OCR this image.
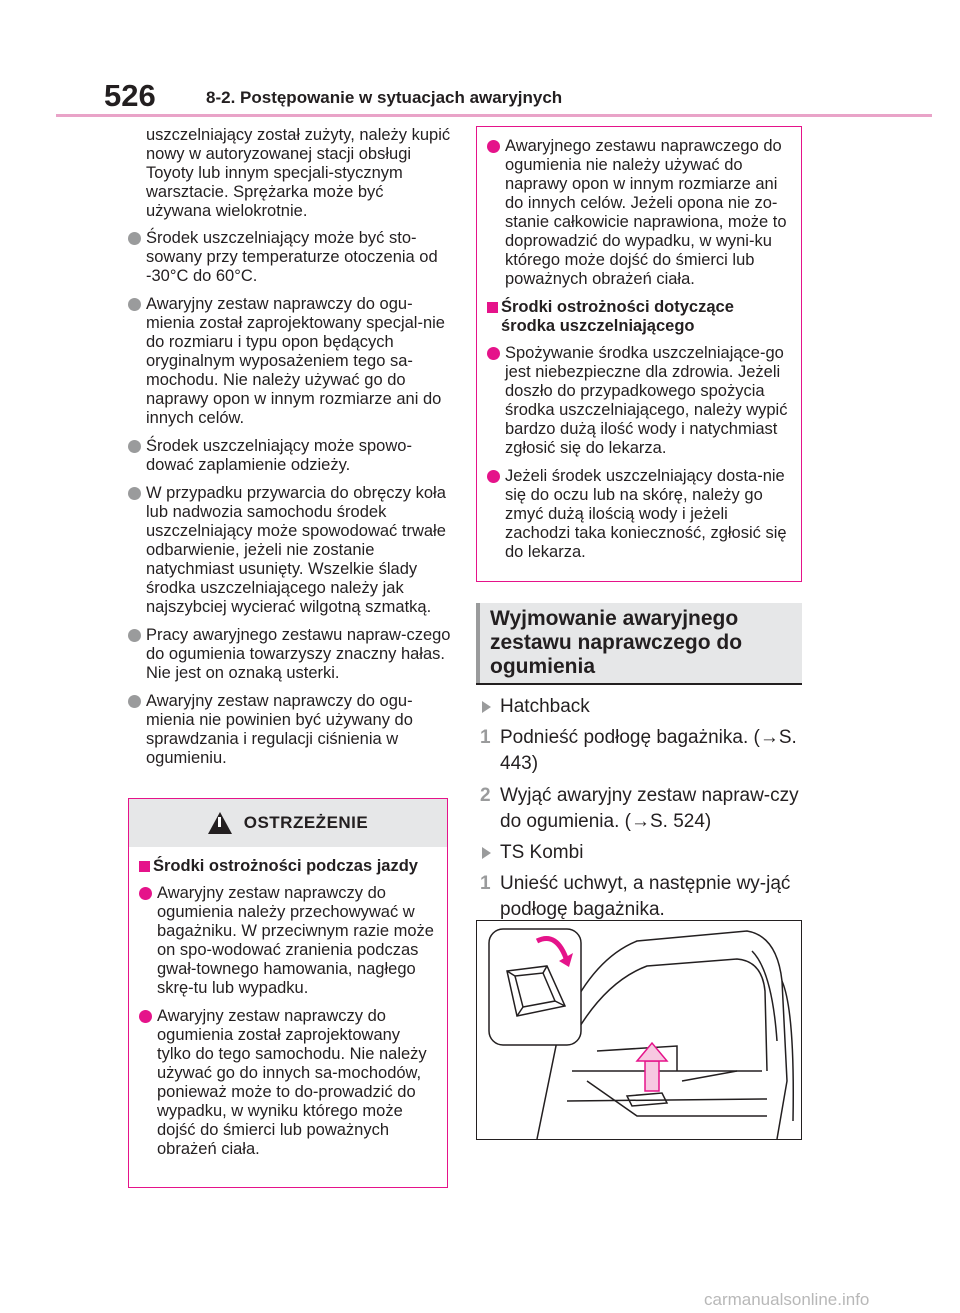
526	8-2. Postępowanie w sytuacjach awaryjnych
uszczelniający został zużyty, należy kupić nowy w autoryzowanej stacji obsługi Toyoty lub innym specjali-stycznym warsztacie. Sprężarka może być używana wielokrotnie.
Środek uszczelniający może być sto-sowany przy temperaturze otoczenia od -30°C do 60°C.
Awaryjny zestaw naprawczy do ogu-mienia został zaprojektowany specjal-nie do rozmiaru i typu opon będących oryginalnym wyposażeniem tego sa-mochodu. Nie należy używać go do naprawy opon w innym rozmiarze ani do innych celów.
Środek uszczelniający może spowo-dować zaplamienie odzieży.
W przypadku przywarcia do obręczy koła lub nadwozia samochodu środek uszczelniający może spowodować trwałe odbarwienie, jeżeli nie zostanie natychmiast usunięty. Wszelkie ślady środka uszczelniającego należy jak najszybciej wycierać wilgotną szmatką.
Pracy awaryjnego zestawu napraw-czego do ogumienia towarzyszy znaczny hałas. Nie jest on oznaką usterki.
Awaryjny zestaw naprawczy do ogu-mienia nie powinien być używany do sprawdzania i regulacji ciśnienia w ogumieniu.
OSTRZEŻENIE
Środki ostrożności podczas jazdy
Awaryjny zestaw naprawczy do ogumienia należy przechowywać w bagażniku. W przeciwnym razie może on spo-wodować zranienia podczas gwał-townego hamowania, nagłego skrę-tu lub wypadku.
Awaryjny zestaw naprawczy do ogumienia został zaprojektowany tylko do tego samochodu. Nie należy używać go do innych sa-mochodów, ponieważ może to do-prowadzić do wypadku, w wyniku którego może dojść do śmierci lub poważnych obrażeń ciała.
Awaryjnego zestawu naprawczego do ogumienia nie należy używać do naprawy opon w innym rozmiarze ani do innych celów. Jeżeli opona nie zo-stanie całkowicie naprawiona, może to doprowadzić do wypadku, w wyni-ku którego może dojść do śmierci lub poważnych obrażeń ciała.
Środki ostrożności dotyczące środka uszczelniającego
Spożywanie środka uszczelniające-go jest niebezpieczne dla zdrowia. Jeżeli doszło do przypadkowego spożycia środka uszczelniającego, należy wypić bardzo dużą ilość wody i natychmiast zgłosić się do lekarza.
Jeżeli środek uszczelniający dosta-nie się do oczu lub na skórę, należy go zmyć dużą ilością wody i jeżeli zachodzi taka konieczność, zgłosić się do lekarza.
Wyjmowanie awaryjnego zestawu naprawczego do ogumienia
Hatchback
1 Podnieść podłogę bagażnika. (→S. 443)
2 Wyjąć awaryjny zestaw napraw-czy do ogumienia. (→S. 524)
TS Kombi
1 Unieść uchwyt, a następnie wy-jąć podłogę bagażnika.
carmanualsonline.info
